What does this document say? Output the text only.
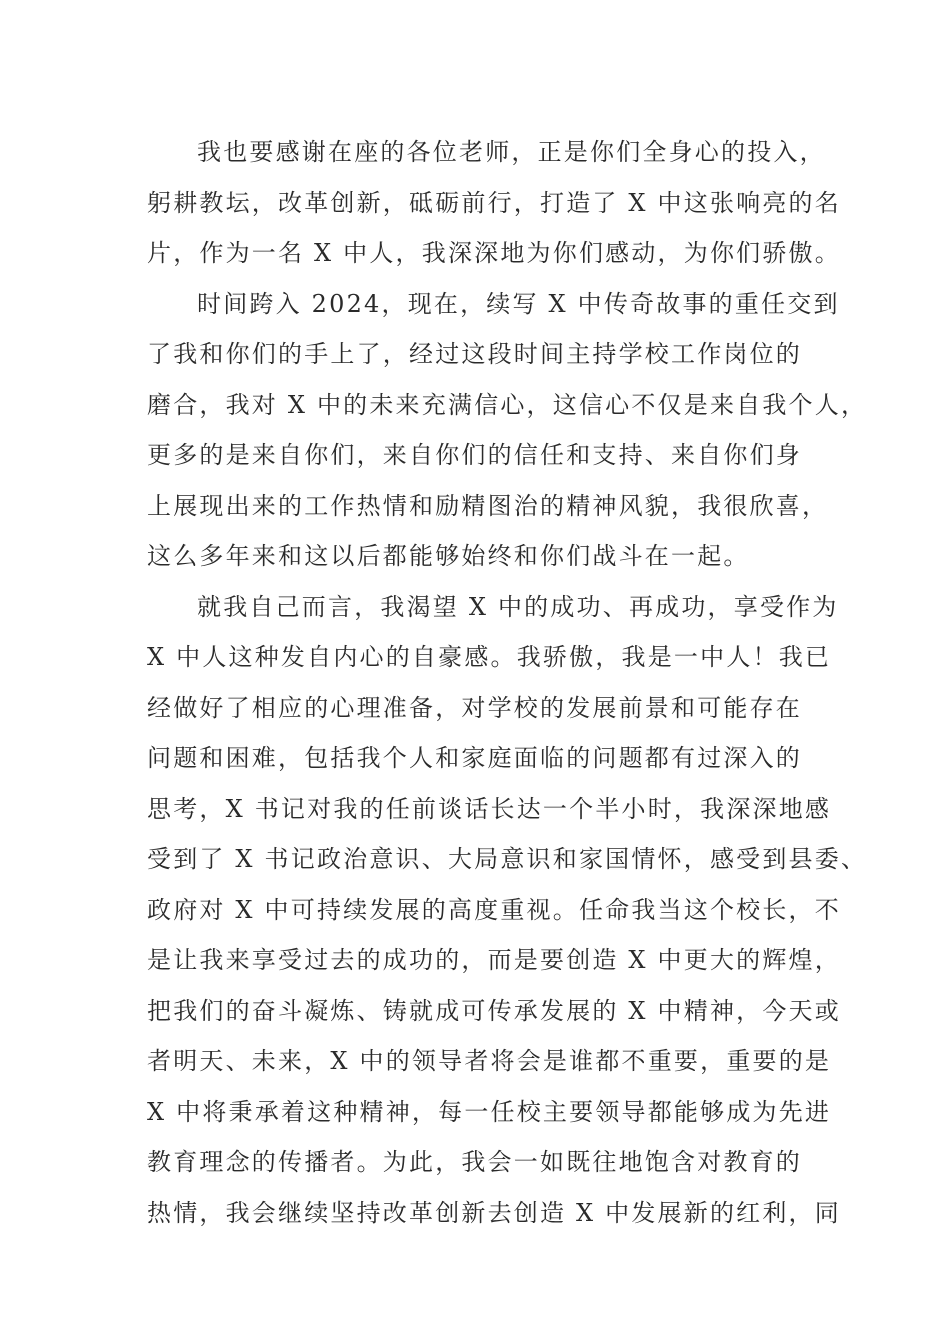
我也要感谢在座的各位老师，正是你们全身心的投入，
躬耕教坛，改革创新，砥砺前行，打造了 X 中这张响亮的名
片，作为一名 X 中人，我深深地为你们感动，为你们骄傲。
时间跨入 2024，现在，续写 X 中传奇故事的重任交到
了我和你们的手上了，经过这段时间主持学校工作岗位的
磨合，我对 X 中的未来充满信心，这信心不仅是来自我个人，
更多的是来自你们，来自你们的信任和支持、来自你们身
上展现出来的工作热情和励精图治的精神风貌，我很欣喜，
这么多年来和这以后都能够始终和你们战斗在一起。
就我自己而言，我渴望 X 中的成功、再成功，享受作为
X 中人这种发自内心的自豪感。我骄傲，我是一中人！我已
经做好了相应的心理准备，对学校的发展前景和可能存在
问题和困难，包括我个人和家庭面临的问题都有过深入的
思考，X 书记对我的任前谈话长达一个半小时，我深深地感
受到了 X 书记政治意识、大局意识和家国情怀，感受到县委、
政府对 X 中可持续发展的高度重视。任命我当这个校长，不
是让我来享受过去的成功的，而是要创造 X 中更大的辉煌，
把我们的奋斗凝炼、铸就成可传承发展的 X 中精神，今天或
者明天、未来，X 中的领导者将会是谁都不重要，重要的是
X 中将秉承着这种精神，每一任校主要领导都能够成为先进
教育理念的传播者。为此，我会一如既往地饱含对教育的
热情，我会继续坚持改革创新去创造 X 中发展新的红利，同
